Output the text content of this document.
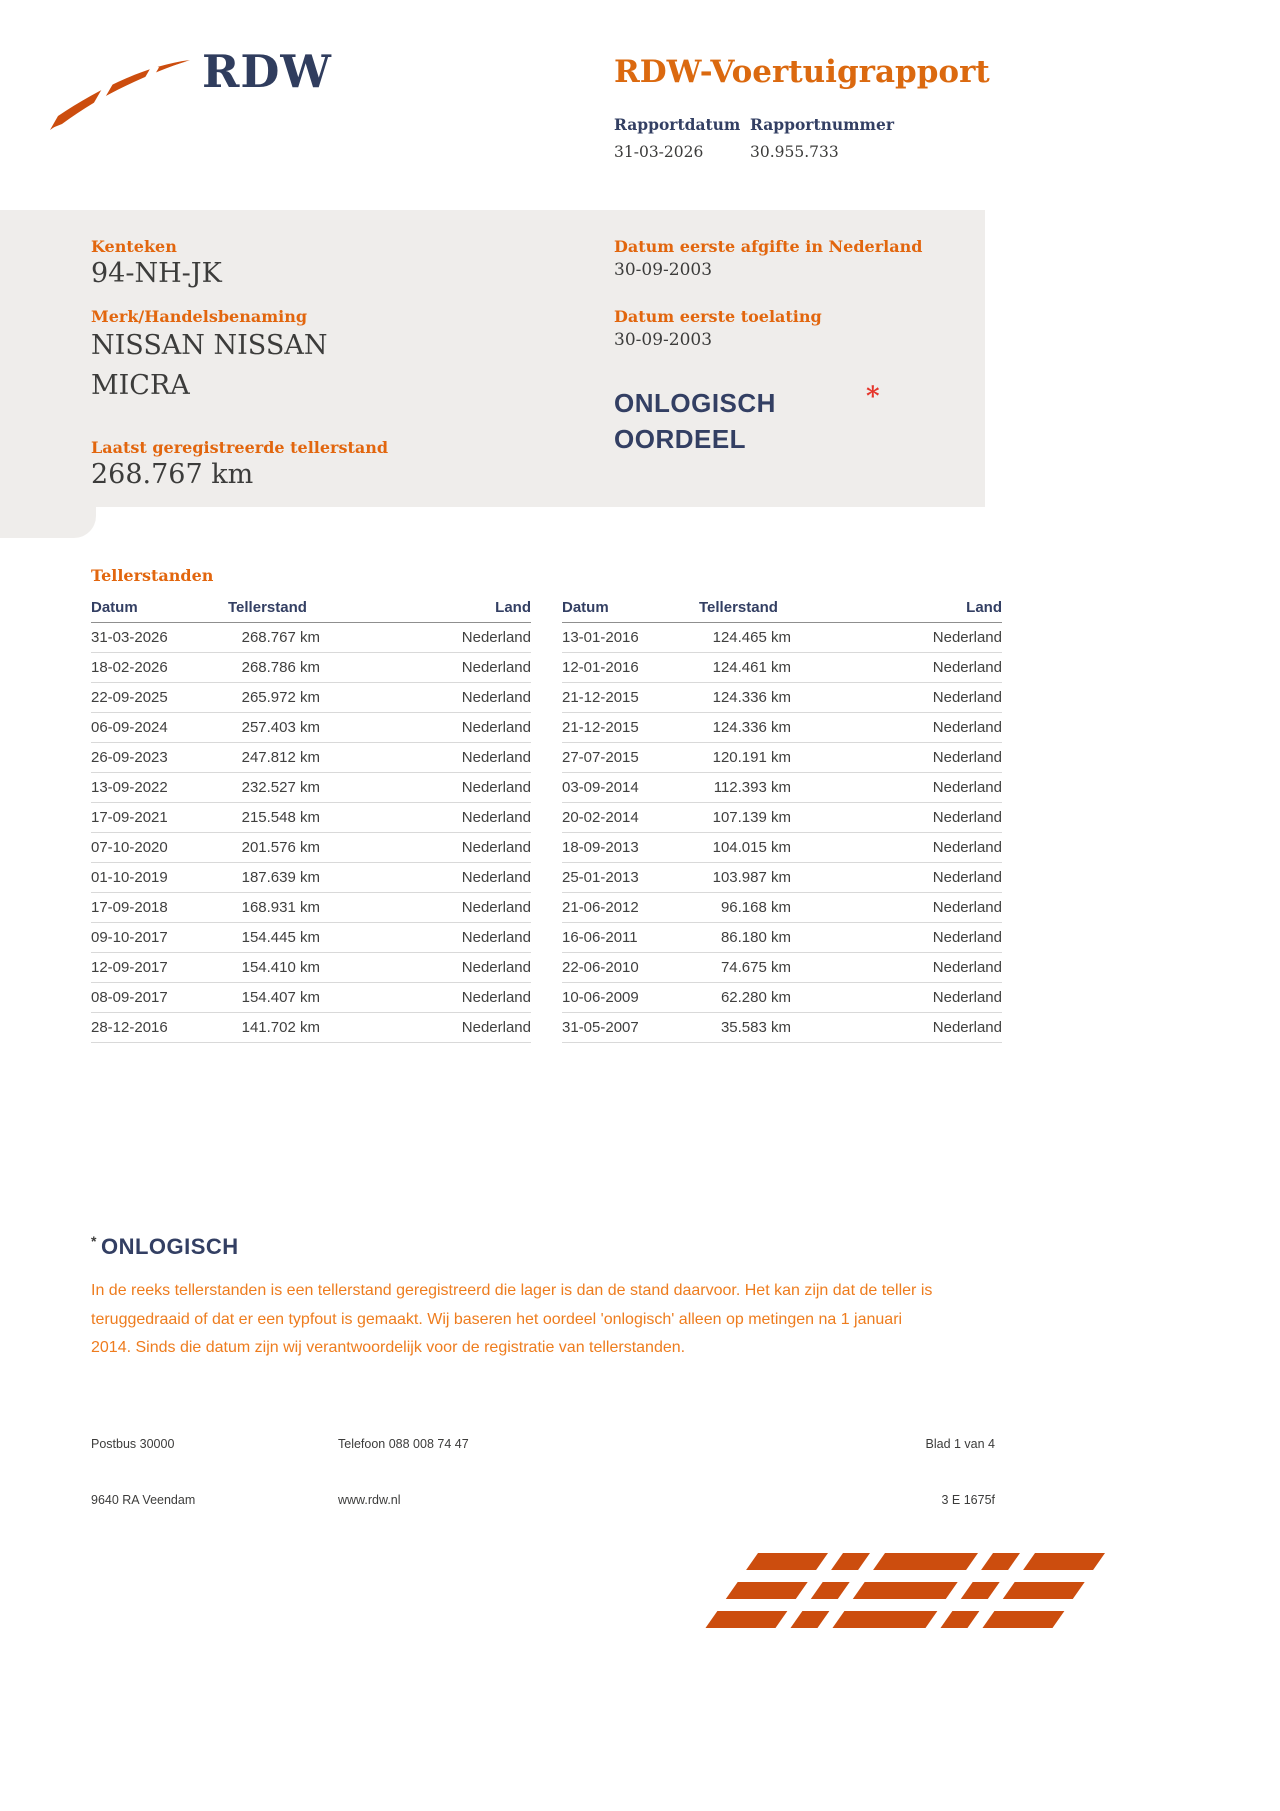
RDW	RDW-Voertuigrapport
Rapportdatum
31-03-2026
Rapportnummer
30.955.733
Kenteken
94-NH-JK
Merk/Handelsbenaming
NISSAN NISSAN MICRA
Laatst geregistreerde tellerstand
268.767 km
Datum eerste afgifte in Nederland
30-09-2003
Datum eerste toelating
30-09-2003
ONLOGISCH OORDEEL
*
Tellerstanden
Datum	Tellerstand	Land
31-03-2026	268.767 km	Nederland
18-02-2026	268.786 km	Nederland
22-09-2025	265.972 km	Nederland
06-09-2024	257.403 km	Nederland
26-09-2023	247.812 km	Nederland
13-09-2022	232.527 km	Nederland
17-09-2021	215.548 km	Nederland
07-10-2020	201.576 km	Nederland
01-10-2019	187.639 km	Nederland
17-09-2018	168.931 km	Nederland
09-10-2017	154.445 km	Nederland
12-09-2017	154.410 km	Nederland
08-09-2017	154.407 km	Nederland
28-12-2016	141.702 km	Nederland
Datum	Tellerstand	Land
13-01-2016	124.465 km	Nederland
12-01-2016	124.461 km	Nederland
21-12-2015	124.336 km	Nederland
21-12-2015	124.336 km	Nederland
27-07-2015	120.191 km	Nederland
03-09-2014	112.393 km	Nederland
20-02-2014	107.139 km	Nederland
18-09-2013	104.015 km	Nederland
25-01-2013	103.987 km	Nederland
21-06-2012	96.168 km	Nederland
16-06-2011	86.180 km	Nederland
22-06-2010	74.675 km	Nederland
10-06-2009	62.280 km	Nederland
31-05-2007	35.583 km	Nederland
* ONLOGISCH

In de reeks tellerstanden is een tellerstand geregistreerd die lager is dan de stand daarvoor. Het kan zijn dat de teller is teruggedraaid of dat er een typfout is gemaakt. Wij baseren het oordeel 'onlogisch' alleen op metingen na 1 januari 2014. Sinds die datum zijn wij verantwoordelijk voor de registratie van tellerstanden.

Postbus 30000
9640 RA Veendam
Telefoon 088 008 74 47
www.rdw.nl
Blad 1 van 4
3 E 1675f
